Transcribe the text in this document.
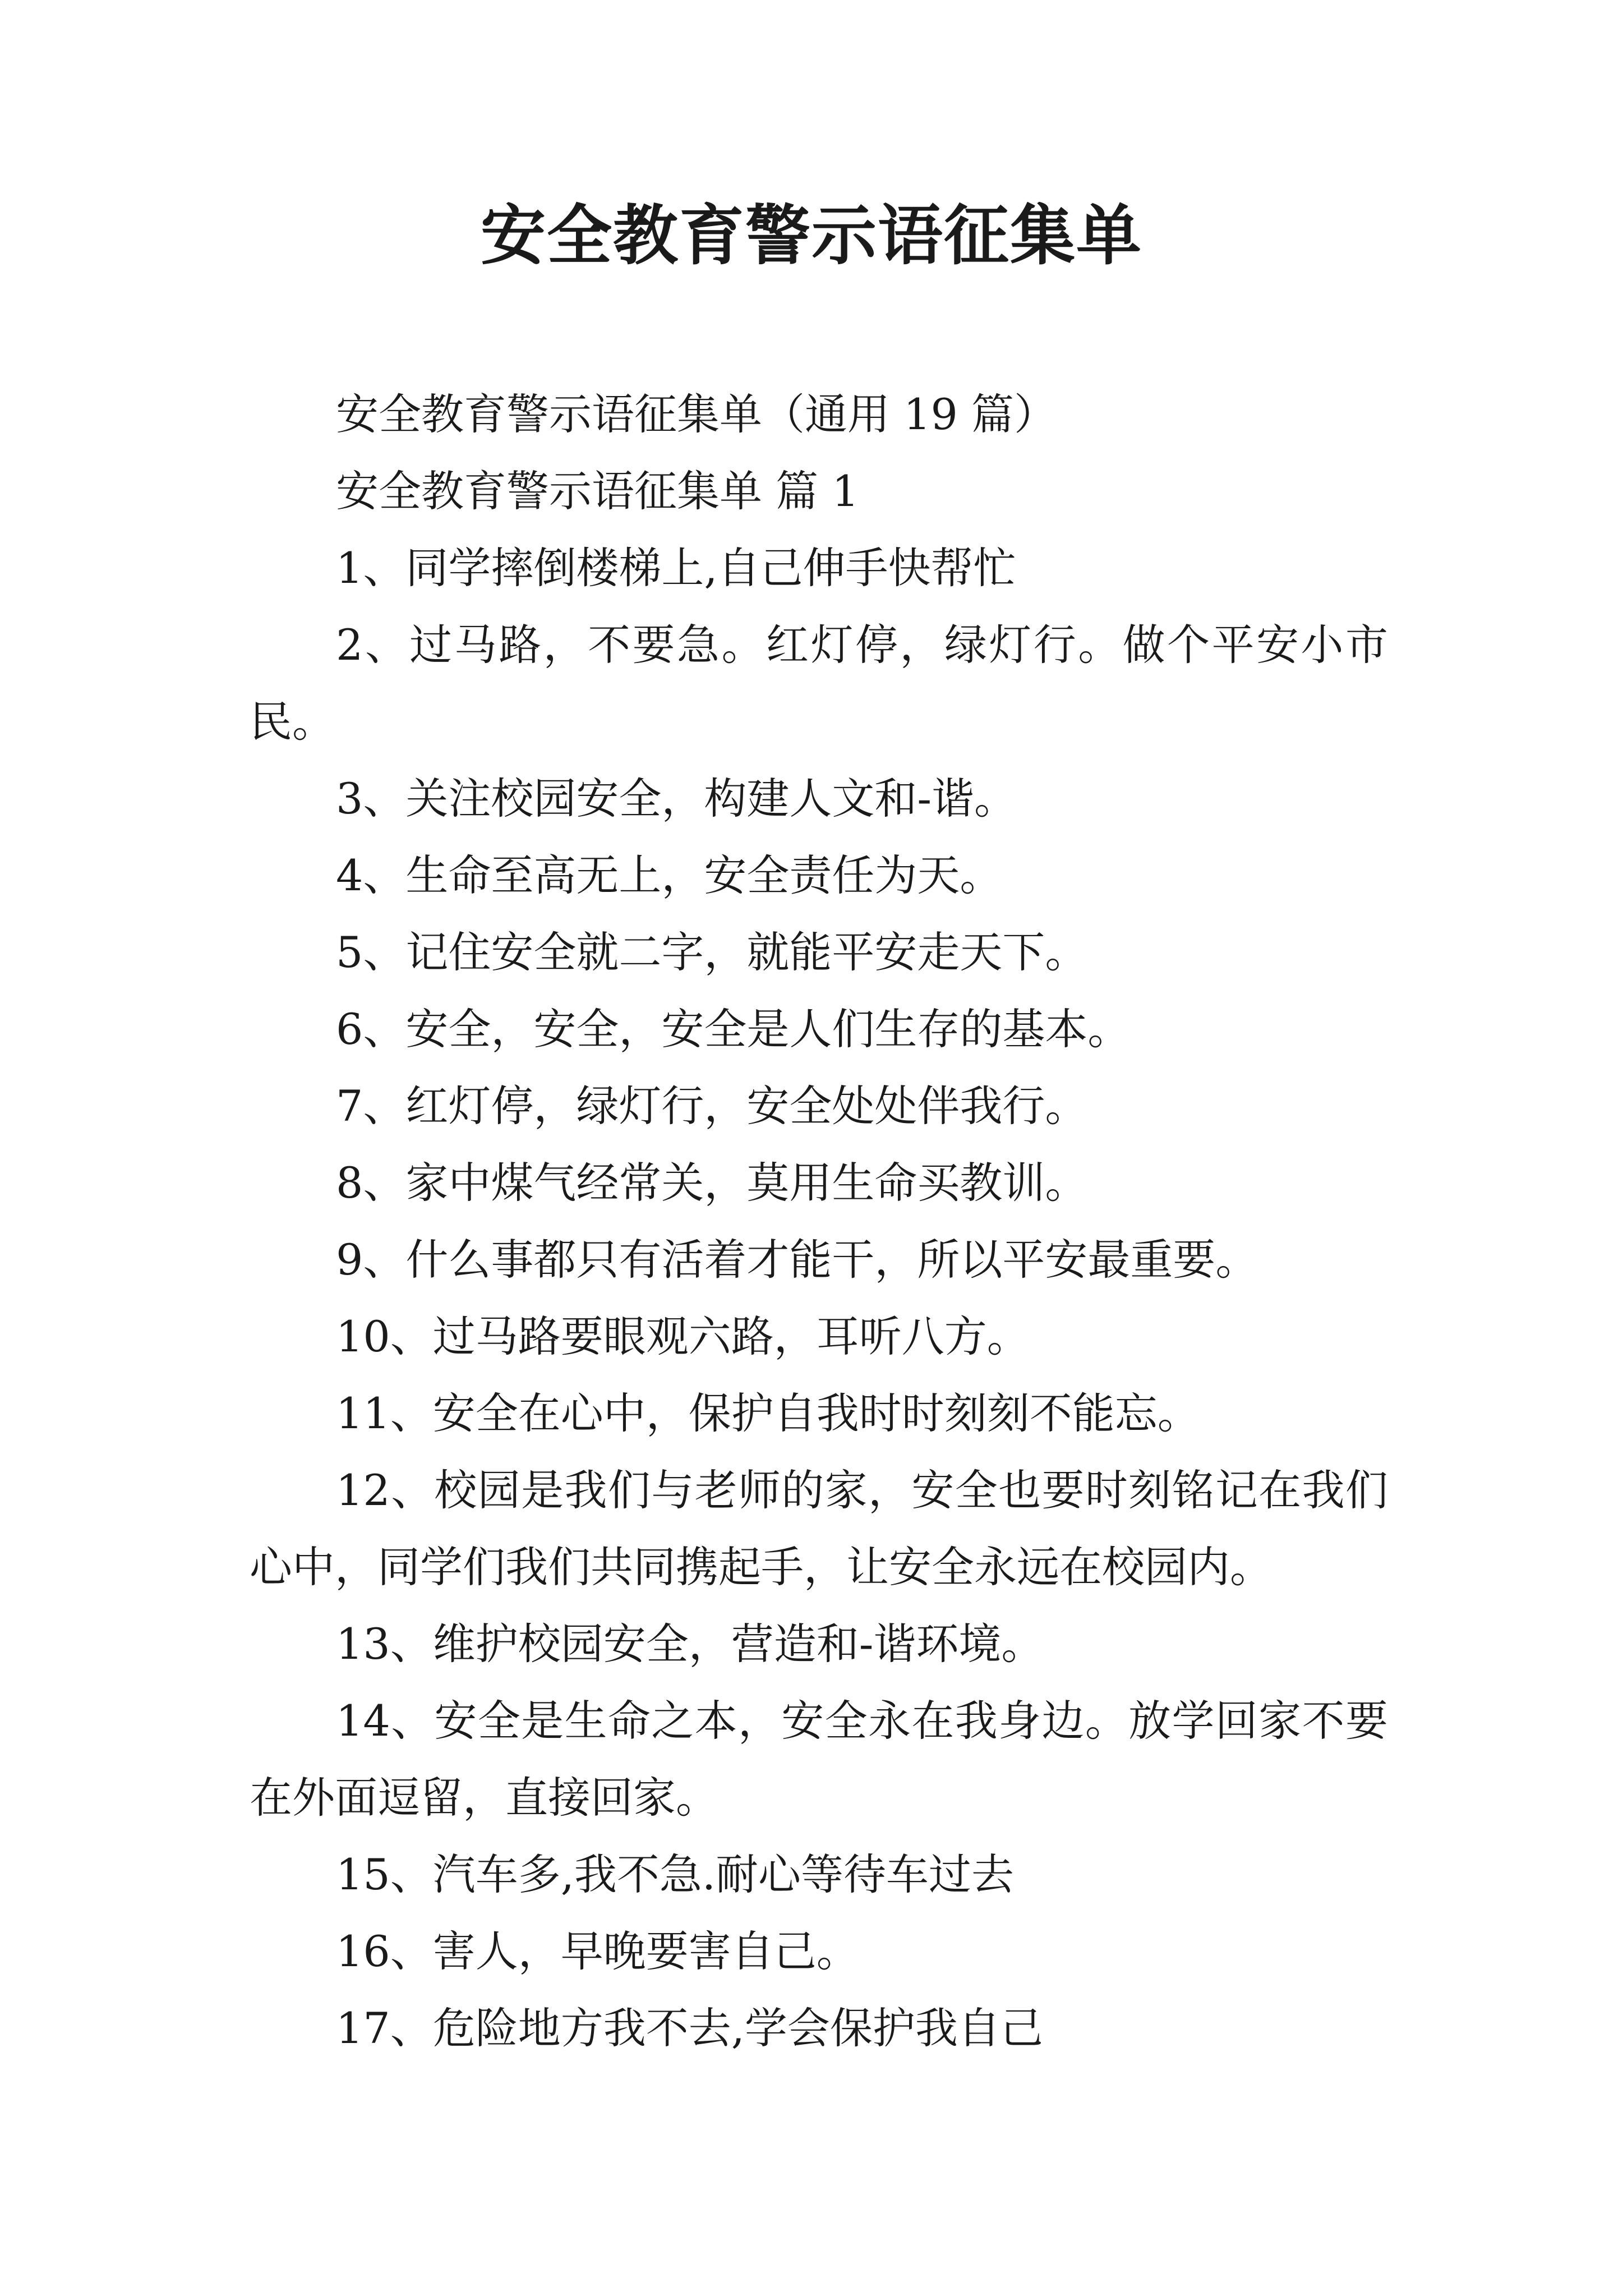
安全教育警示语征集单

安全教育警示语征集单（通用 19 篇）

安全教育警示语征集单 篇 1

1、同学摔倒楼梯上,自己伸手快帮忙

2、过马路，不要急。红灯停，绿灯行。做个平安小市民。

3、关注校园安全，构建人文和-谐。

4、生命至高无上，安全责任为天。

5、记住安全就二字，就能平安走天下。

6、安全，安全，安全是人们生存的基本。

7、红灯停，绿灯行，安全处处伴我行。

8、家中煤气经常关，莫用生命买教训。

9、什么事都只有活着才能干，所以平安最重要。

10、过马路要眼观六路，耳听八方。

11、安全在心中，保护自我时时刻刻不能忘。

12、校园是我们与老师的家，安全也要时刻铭记在我们心中，同学们我们共同携起手，让安全永远在校园内。

13、维护校园安全，营造和-谐环境。

14、安全是生命之本，安全永在我身边。放学回家不要在外面逗留，直接回家。

15、汽车多,我不急.耐心等待车过去

16、害人，早晚要害自己。

17、危险地方我不去,学会保护我自己
